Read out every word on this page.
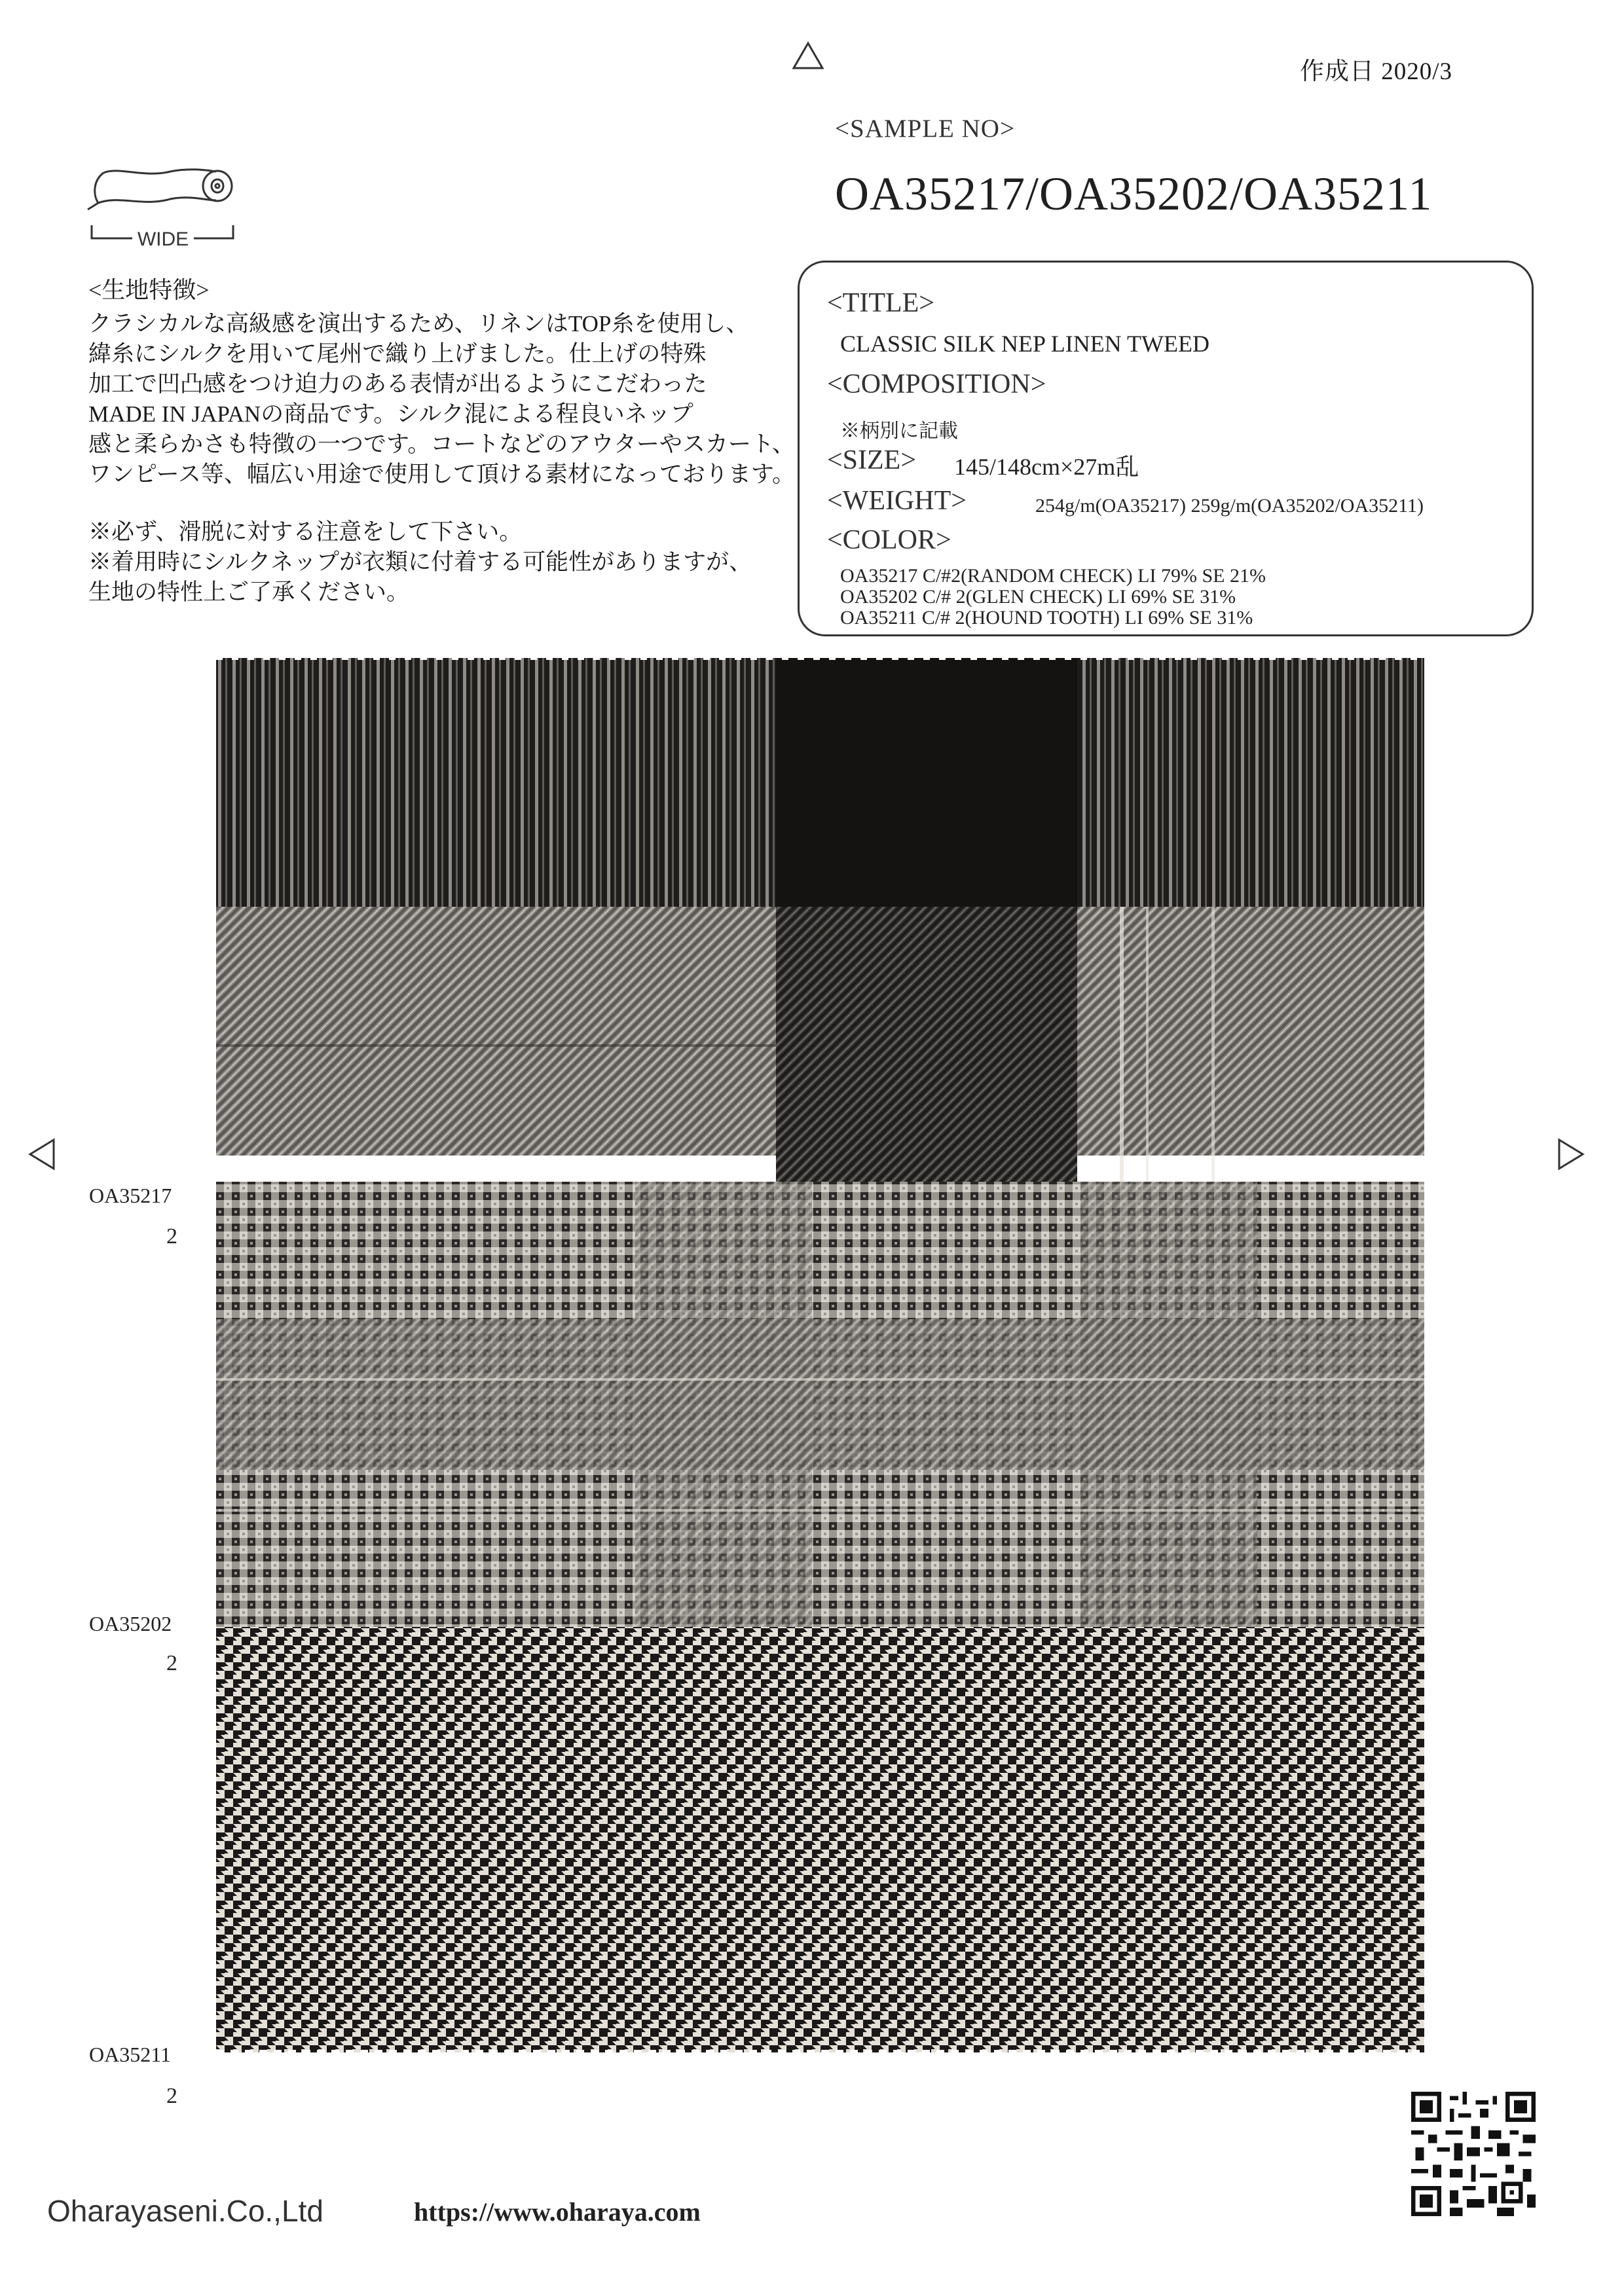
作成日 2020/3
<SAMPLE NO>
OA35217/OA35202/OA35211
WIDE
<生地特徴>
クラシカルな高級感を演出するため、リネンはTOP糸を使用し、
緯糸にシルクを用いて尾州で織り上げました。仕上げの特殊
加工で凹凸感をつけ迫力のある表情が出るようにこだわった
MADE IN JAPANの商品です。シルク混による程良いネップ
感と柔らかさも特徴の一つです。コートなどのアウターやスカート、
ワンピース等、幅広い用途で使用して頂ける素材になっております。
※必ず、滑脱に対する注意をして下さい。
※着用時にシルクネップが衣類に付着する可能性がありますが、
生地の特性上ご了承ください。
<TITLE>
CLASSIC SILK NEP LINEN TWEED
<COMPOSITION>
※柄別に記載
<SIZE> 145/148cm×27m乱
<WEIGHT>	254g/m(OA35217) 259g/m(OA35202/OA35211)
<COLOR>
OA35217 C/#2(RANDOM CHECK) LI 79% SE 21%
OA35202 C/# 2(GLEN CHECK) LI 69% SE 31%
OA35211 C/# 2(HOUND TOOTH) LI 69% SE 31%
OA35217
2
OA35202
2
OA35211
2
Oharayaseni.Co.,Ltd	https://www.oharaya.com
